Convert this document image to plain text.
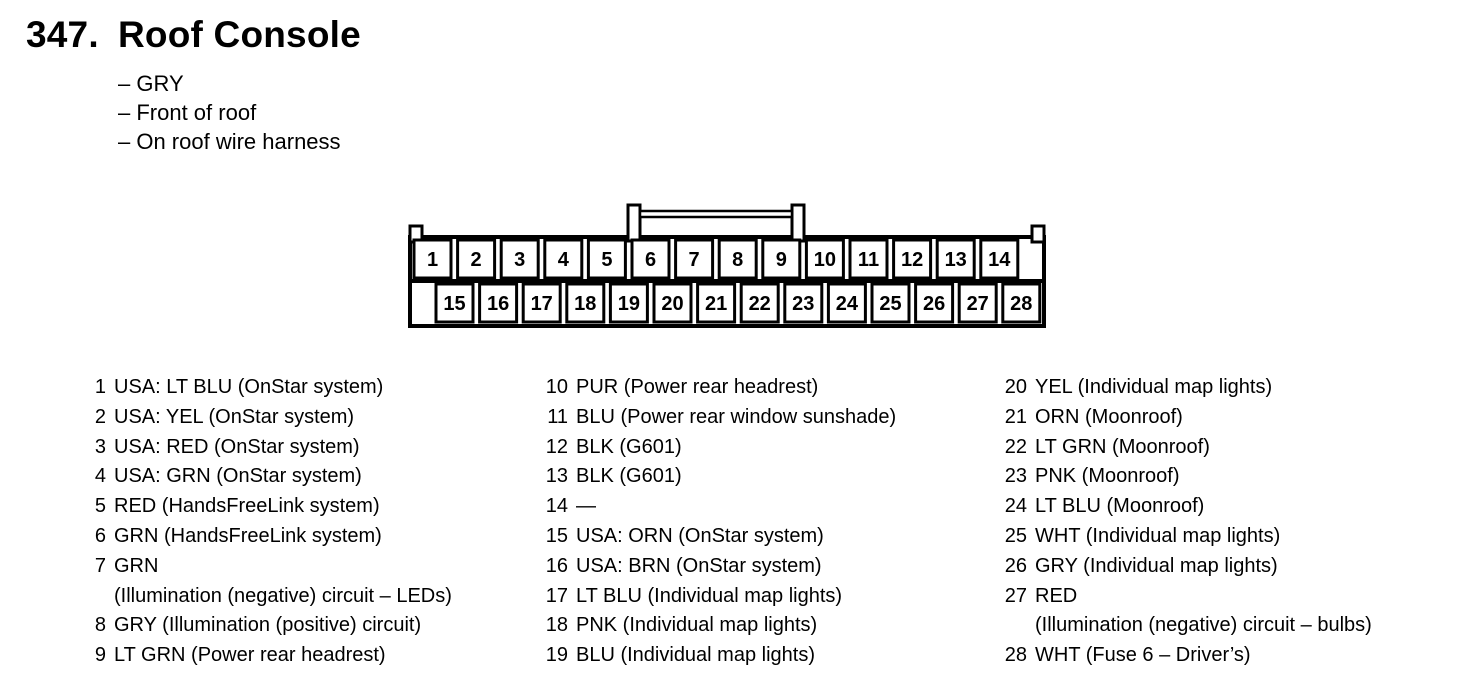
347. Roof Console
– GRY
– Front of roof
– On roof wire harness
1 2 3 4 5 6 7 8 9 10 11 12 13 14
15 16 17 18 19 20 21 22 23 24 25 26 27 28
1 USA: LT BLU (OnStar system)
2 USA: YEL (OnStar system)
3 USA: RED (OnStar system)
4 USA: GRN (OnStar system)
5 RED (HandsFreeLink system)
6 GRN (HandsFreeLink system)
7 GRN
(Illumination (negative) circuit – LEDs)
8 GRY (Illumination (positive) circuit)
9 LT GRN (Power rear headrest)
10 PUR (Power rear headrest)
11 BLU (Power rear window sunshade)
12 BLK (G601)
13 BLK (G601)
14 —
15 USA: ORN (OnStar system)
16 USA: BRN (OnStar system)
17 LT BLU (Individual map lights)
18 PNK (Individual map lights)
19 BLU (Individual map lights)
20 YEL (Individual map lights)
21 ORN (Moonroof)
22 LT GRN (Moonroof)
23 PNK (Moonroof)
24 LT BLU (Moonroof)
25 WHT (Individual map lights)
26 GRY (Individual map lights)
27 RED
(Illumination (negative) circuit – bulbs)
28 WHT (Fuse 6 – Driver’s)
